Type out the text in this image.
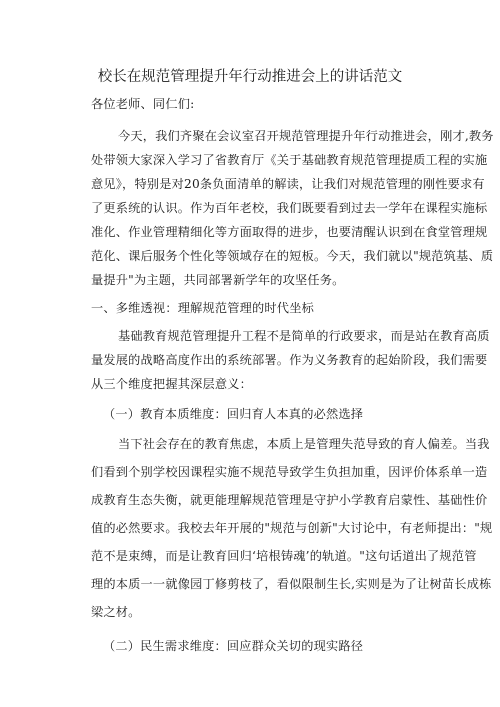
校长在规范管理提升年行动推进会上的讲话范文
各位老师、同仁们:
今天，我们齐聚在会议室召开规范管理提升年行动推进会，刚才,教务
处带领大家深入学习了省教育厅《关于基础教育规范管理提质工程的实施
意见》，特别是对20条负面清单的解读，让我们对规范管理的刚性要求有
了更系统的认识。作为百年老校，我们既要看到过去一学年在课程实施标
准化、作业管理精细化等方面取得的进步，也要清醒认识到在食堂管理规
范化、课后服务个性化等领域存在的短板。今天，我们就以"规范筑基、质
量提升"为主题，共同部署新学年的攻坚任务。
一、多维透视：理解规范管理的时代坐标
基础教育规范管理提升工程不是简单的行政要求，而是站在教育高质
量发展的战略高度作出的系统部署。作为义务教育的起始阶段，我们需要
从三个维度把握其深层意义：
（一）教育本质维度：回归育人本真的必然选择
当下社会存在的教育焦虑，本质上是管理失范导致的育人偏差。当我
们看到个别学校因课程实施不规范导致学生负担加重，因评价体系单一造
成教育生态失衡，就更能理解规范管理是守护小学教育启蒙性、基础性价
值的必然要求。我校去年开展的"规范与创新"大讨论中，有老师提出："规
范不是束缚，而是让教育回归‘培根铸魂’的轨道。"这句话道出了规范管
理的本质一一就像园丁修剪枝了，看似限制生长,实则是为了让树苗长成栋
梁之材。
（二）民生需求维度：回应群众关切的现实路径
